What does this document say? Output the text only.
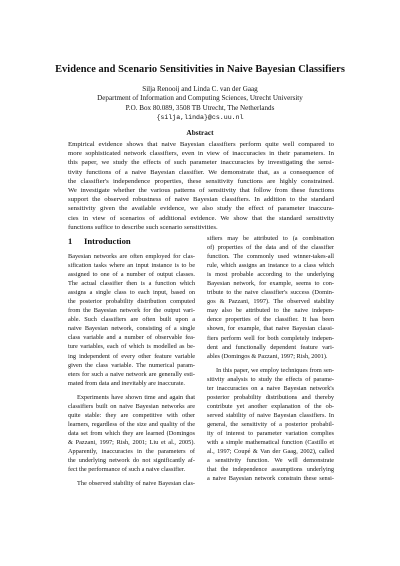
Evidence and Scenario Sensitivities in Naive Bayesian Classifiers
Silja Renooij and Linda C. van der Gaag
Department of Information and Computing Sciences, Utrecht University
P.O. Box 80.089, 3508 TB Utrecht, The Netherlands
{silja,linda}@cs.uu.nl
Abstract
Empirical evidence shows that naive Bayesian classifiers perform quite well compared to
more sophisticated network classifiers, even in view of inaccuracies in their parameters. In
this paper, we study the effects of such parameter inaccuracies by investigating the sensi-
tivity functions of a naive Bayesian classifier. We demonstrate that, as a consequence of
the classifier's independence properties, these sensitivity functions are highly constrained.
We investigate whether the various patterns of sensitivity that follow from these functions
support the observed robustness of naive Bayesian classifiers. In addition to the standard
sensitivity given the available evidence, we also study the effect of parameter inaccura-
cies in view of scenarios of additional evidence. We show that the standard sensitivity
functions suffice to describe such scenario sensitivities.
1 Introduction
Bayesian networks are often employed for clas-
sification tasks where an input instance is to be
assigned to one of a number of output classes.
The actual classifier then is a function which
assigns a single class to each input, based on
the posterior probability distribution computed
from the Bayesian network for the output vari-
able. Such classifiers are often built upon a
naive Bayesian network, consisting of a single
class variable and a number of observable fea-
ture variables, each of which is modelled as be-
ing independent of every other feature variable
given the class variable. The numerical param-
eters for such a naive network are generally esti-
mated from data and inevitably are inaccurate.
Experiments have shown time and again that
classifiers built on naive Bayesian networks are
quite stable: they are competitive with other
learners, regardless of the size and quality of the
data set from which they are learned (Domingos
& Pazzani, 1997; Rish, 2001; Liu et al., 2005).
Apparently, inaccuracies in the parameters of
the underlying network do not significantly af-
fect the performance of such a naive classifier.
The observed stability of naive Bayesian clas-
sifiers may be attributed to (a combination
of) properties of the data and of the classifier
function. The commonly used winner-takes-all
rule, which assigns an instance to a class which
is most probable according to the underlying
Bayesian network, for example, seems to con-
tribute to the naive classifier's success (Domin-
gos & Pazzani, 1997). The observed stability
may also be attributed to the naive indepen-
dence properties of the classifier. It has been
shown, for example, that naive Bayesian classi-
fiers perform well for both completely indepen-
dent and functionally dependent feature vari-
ables (Domingos & Pazzani, 1997; Rish, 2001).
In this paper, we employ techniques from sen-
sitivity analysis to study the effects of parame-
ter inaccuracies on a naive Bayesian network's
posterior probability distributions and thereby
contribute yet another explanation of the ob-
served stability of naive Bayesian classifiers. In
general, the sensitivity of a posterior probabil-
ity of interest to parameter variation complies
with a simple mathematical function (Castillo et
al., 1997; Coupé & Van der Gaag, 2002), called
a sensitivity function. We will demonstrate
that the independence assumptions underlying
a naive Bayesian network constrain these sensi-
